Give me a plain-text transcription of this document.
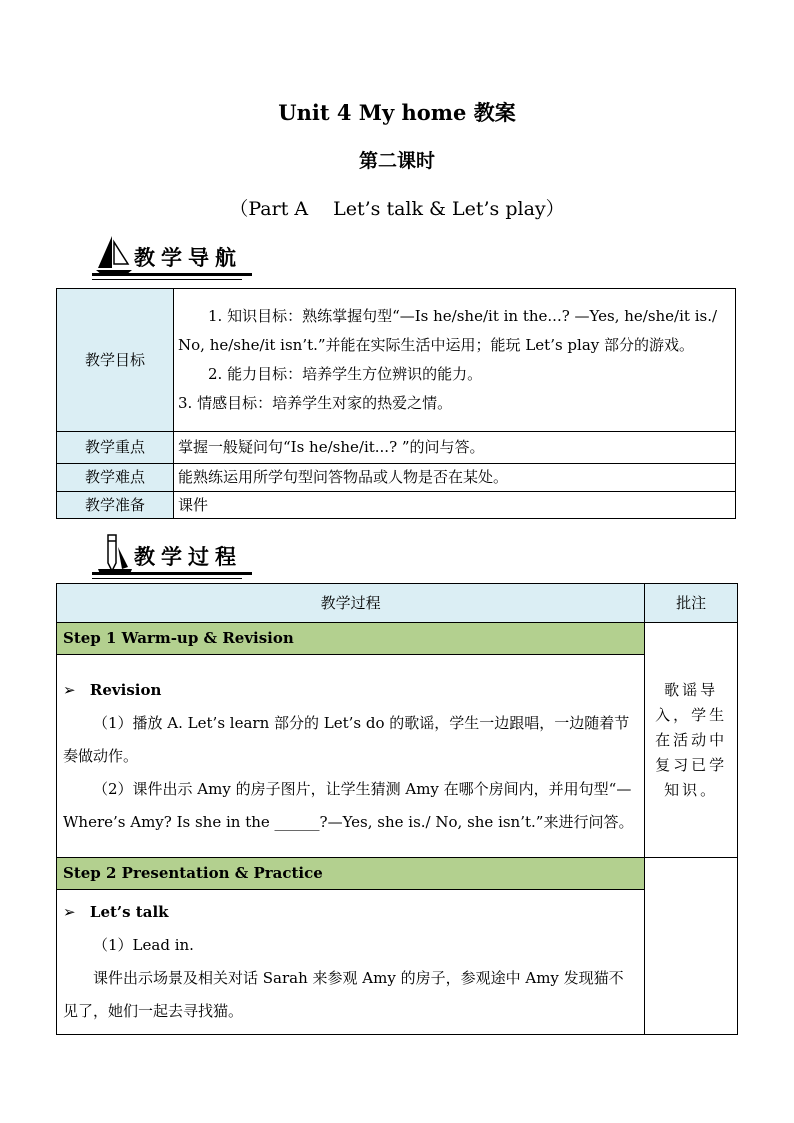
Unit 4 My home 教案
第二课时
（Part A　 Let’s talk & Let’s play）
教学导航
教学目标	1. 知识目标：熟练掌握句型“—Is he/she/it in the...? —Yes, he/she/it is./ No, he/she/it isn’t.”并能在实际生活中运用；能玩 Let’s play 部分的游戏。
2. 能力目标：培养学生方位辨识的能力。
3. 情感目标：培养学生对家的热爱之情。

教学重点	掌握一般疑问句“Is he/she/it...? ”的问与答。
教学难点	能熟练运用所学句型问答物品或人物是否在某处。
教学准备	课件
教学过程
教学过程	批注
Step 1 Warm-up & Revision	歌谣导入，学生在活动中复习已学知识。

➢ Revision

（1）播放 A. Let’s learn 部分的 Let’s do 的歌谣，学生一边跟唱，一边随着节奏做动作。

（2）课件出示 Amy 的房子图片，让学生猜测 Amy 在哪个房间内，并用句型“—Where’s Amy? Is she in the ______?—Yes, she is./ No, she isn’t.”来进行问答。	

Step 2 Presentation & Practice	

➢ Let’s talk

（1）Lead in.

课件出示场景及相关对话 Sarah 来参观 Amy 的房子，参观途中 Amy 发现猫不见了，她们一起去寻找猫。	
